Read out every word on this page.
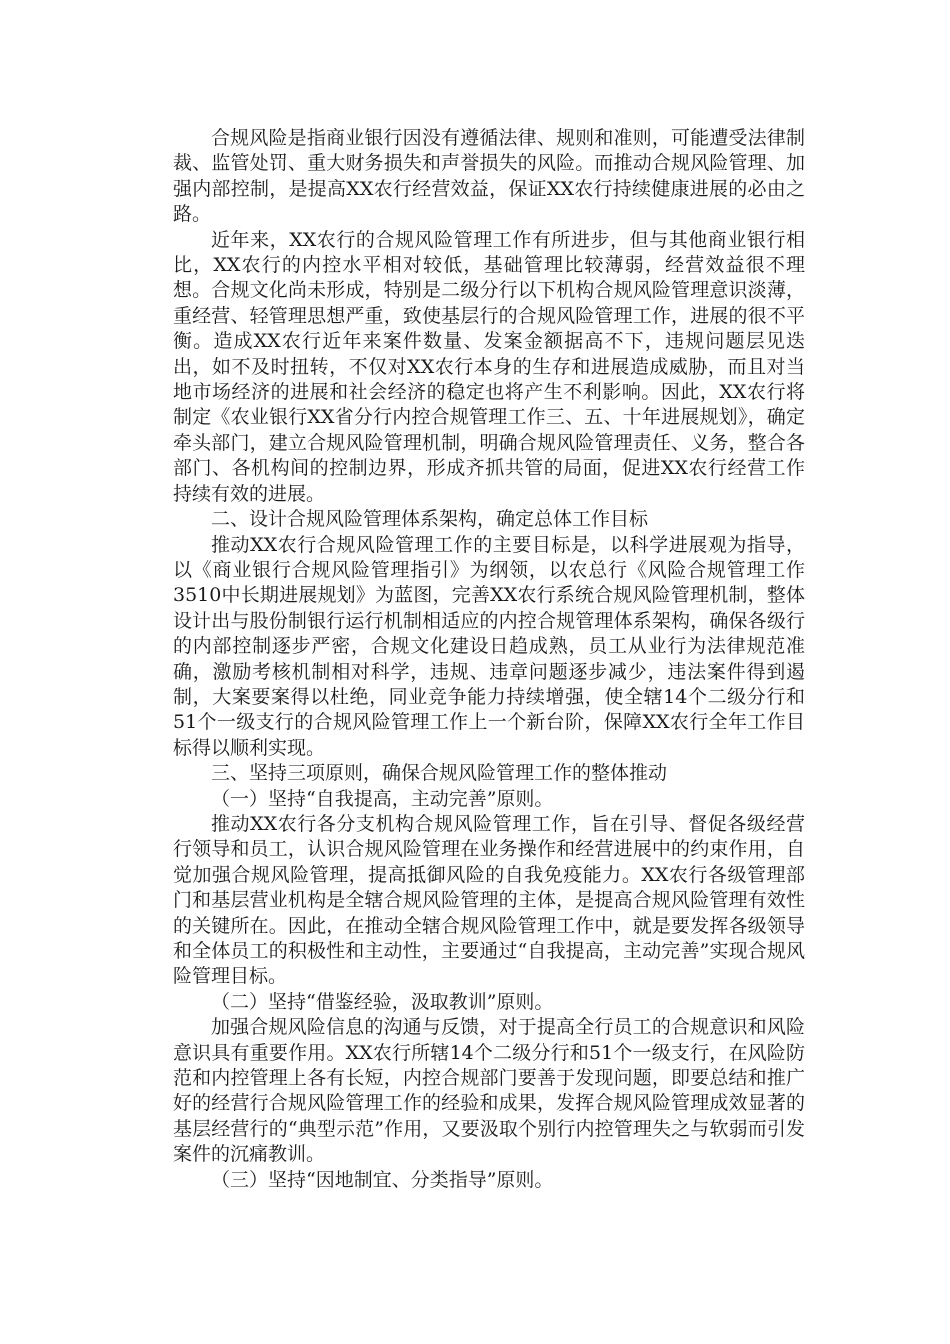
合规风险是指商业银行因没有遵循法律、规则和准则，可能遭受法律制裁、监管处罚、重大财务损失和声誉损失的风险。而推动合规风险管理、加强内部控制，是提高XX农行经营效益，保证XX农行持续健康进展的必由之路。

近年来，XX农行的合规风险管理工作有所进步，但与其他商业银行相比，XX农行的内控水平相对较低，基础管理比较薄弱，经营效益很不理想。合规文化尚未形成，特别是二级分行以下机构合规风险管理意识淡薄，重经营、轻管理思想严重，致使基层行的合规风险管理工作，进展的很不平衡。造成XX农行近年来案件数量、发案金额据高不下，违规问题层见迭出，如不及时扭转，不仅对XX农行本身的生存和进展造成威胁，而且对当地市场经济的进展和社会经济的稳定也将产生不利影响。因此，XX农行将制定《农业银行XX省分行内控合规管理工作三、五、十年进展规划》，确定牵头部门，建立合规风险管理机制，明确合规风险管理责任、义务，整合各部门、各机构间的控制边界，形成齐抓共管的局面，促进XX农行经营工作持续有效的进展。

二、设计合规风险管理体系架构，确定总体工作目标

推动XX农行合规风险管理工作的主要目标是，以科学进展观为指导，以《商业银行合规风险管理指引》为纲领，以农总行《风险合规管理工作3510中长期进展规划》为蓝图，完善XX农行系统合规风险管理机制，整体设计出与股份制银行运行机制相适应的内控合规管理体系架构，确保各级行的内部控制逐步严密，合规文化建设日趋成熟，员工从业行为法律规范准确，激励考核机制相对科学，违规、违章问题逐步减少，违法案件得到遏制，大案要案得以杜绝，同业竞争能力持续增强，使全辖14个二级分行和51个一级支行的合规风险管理工作上一个新台阶，保障XX农行全年工作目标得以顺利实现。

三、坚持三项原则，确保合规风险管理工作的整体推动

（一）坚持“自我提高，主动完善”原则。

推动XX农行各分支机构合规风险管理工作，旨在引导、督促各级经营行领导和员工，认识合规风险管理在业务操作和经营进展中的约束作用，自觉加强合规风险管理，提高抵御风险的自我免疫能力。XX农行各级管理部门和基层营业机构是全辖合规风险管理的主体，是提高合规风险管理有效性的关键所在。因此，在推动全辖合规风险管理工作中，就是要发挥各级领导和全体员工的积极性和主动性，主要通过“自我提高，主动完善”实现合规风险管理目标。

（二）坚持“借鉴经验，汲取教训”原则。

加强合规风险信息的沟通与反馈，对于提高全行员工的合规意识和风险意识具有重要作用。XX农行所辖14个二级分行和51个一级支行，在风险防范和内控管理上各有长短，内控合规部门要善于发现问题，即要总结和推广好的经营行合规风险管理工作的经验和成果，发挥合规风险管理成效显著的基层经营行的“典型示范”作用，又要汲取个别行内控管理失之与软弱而引发案件的沉痛教训。

（三）坚持“因地制宜、分类指导”原则。
